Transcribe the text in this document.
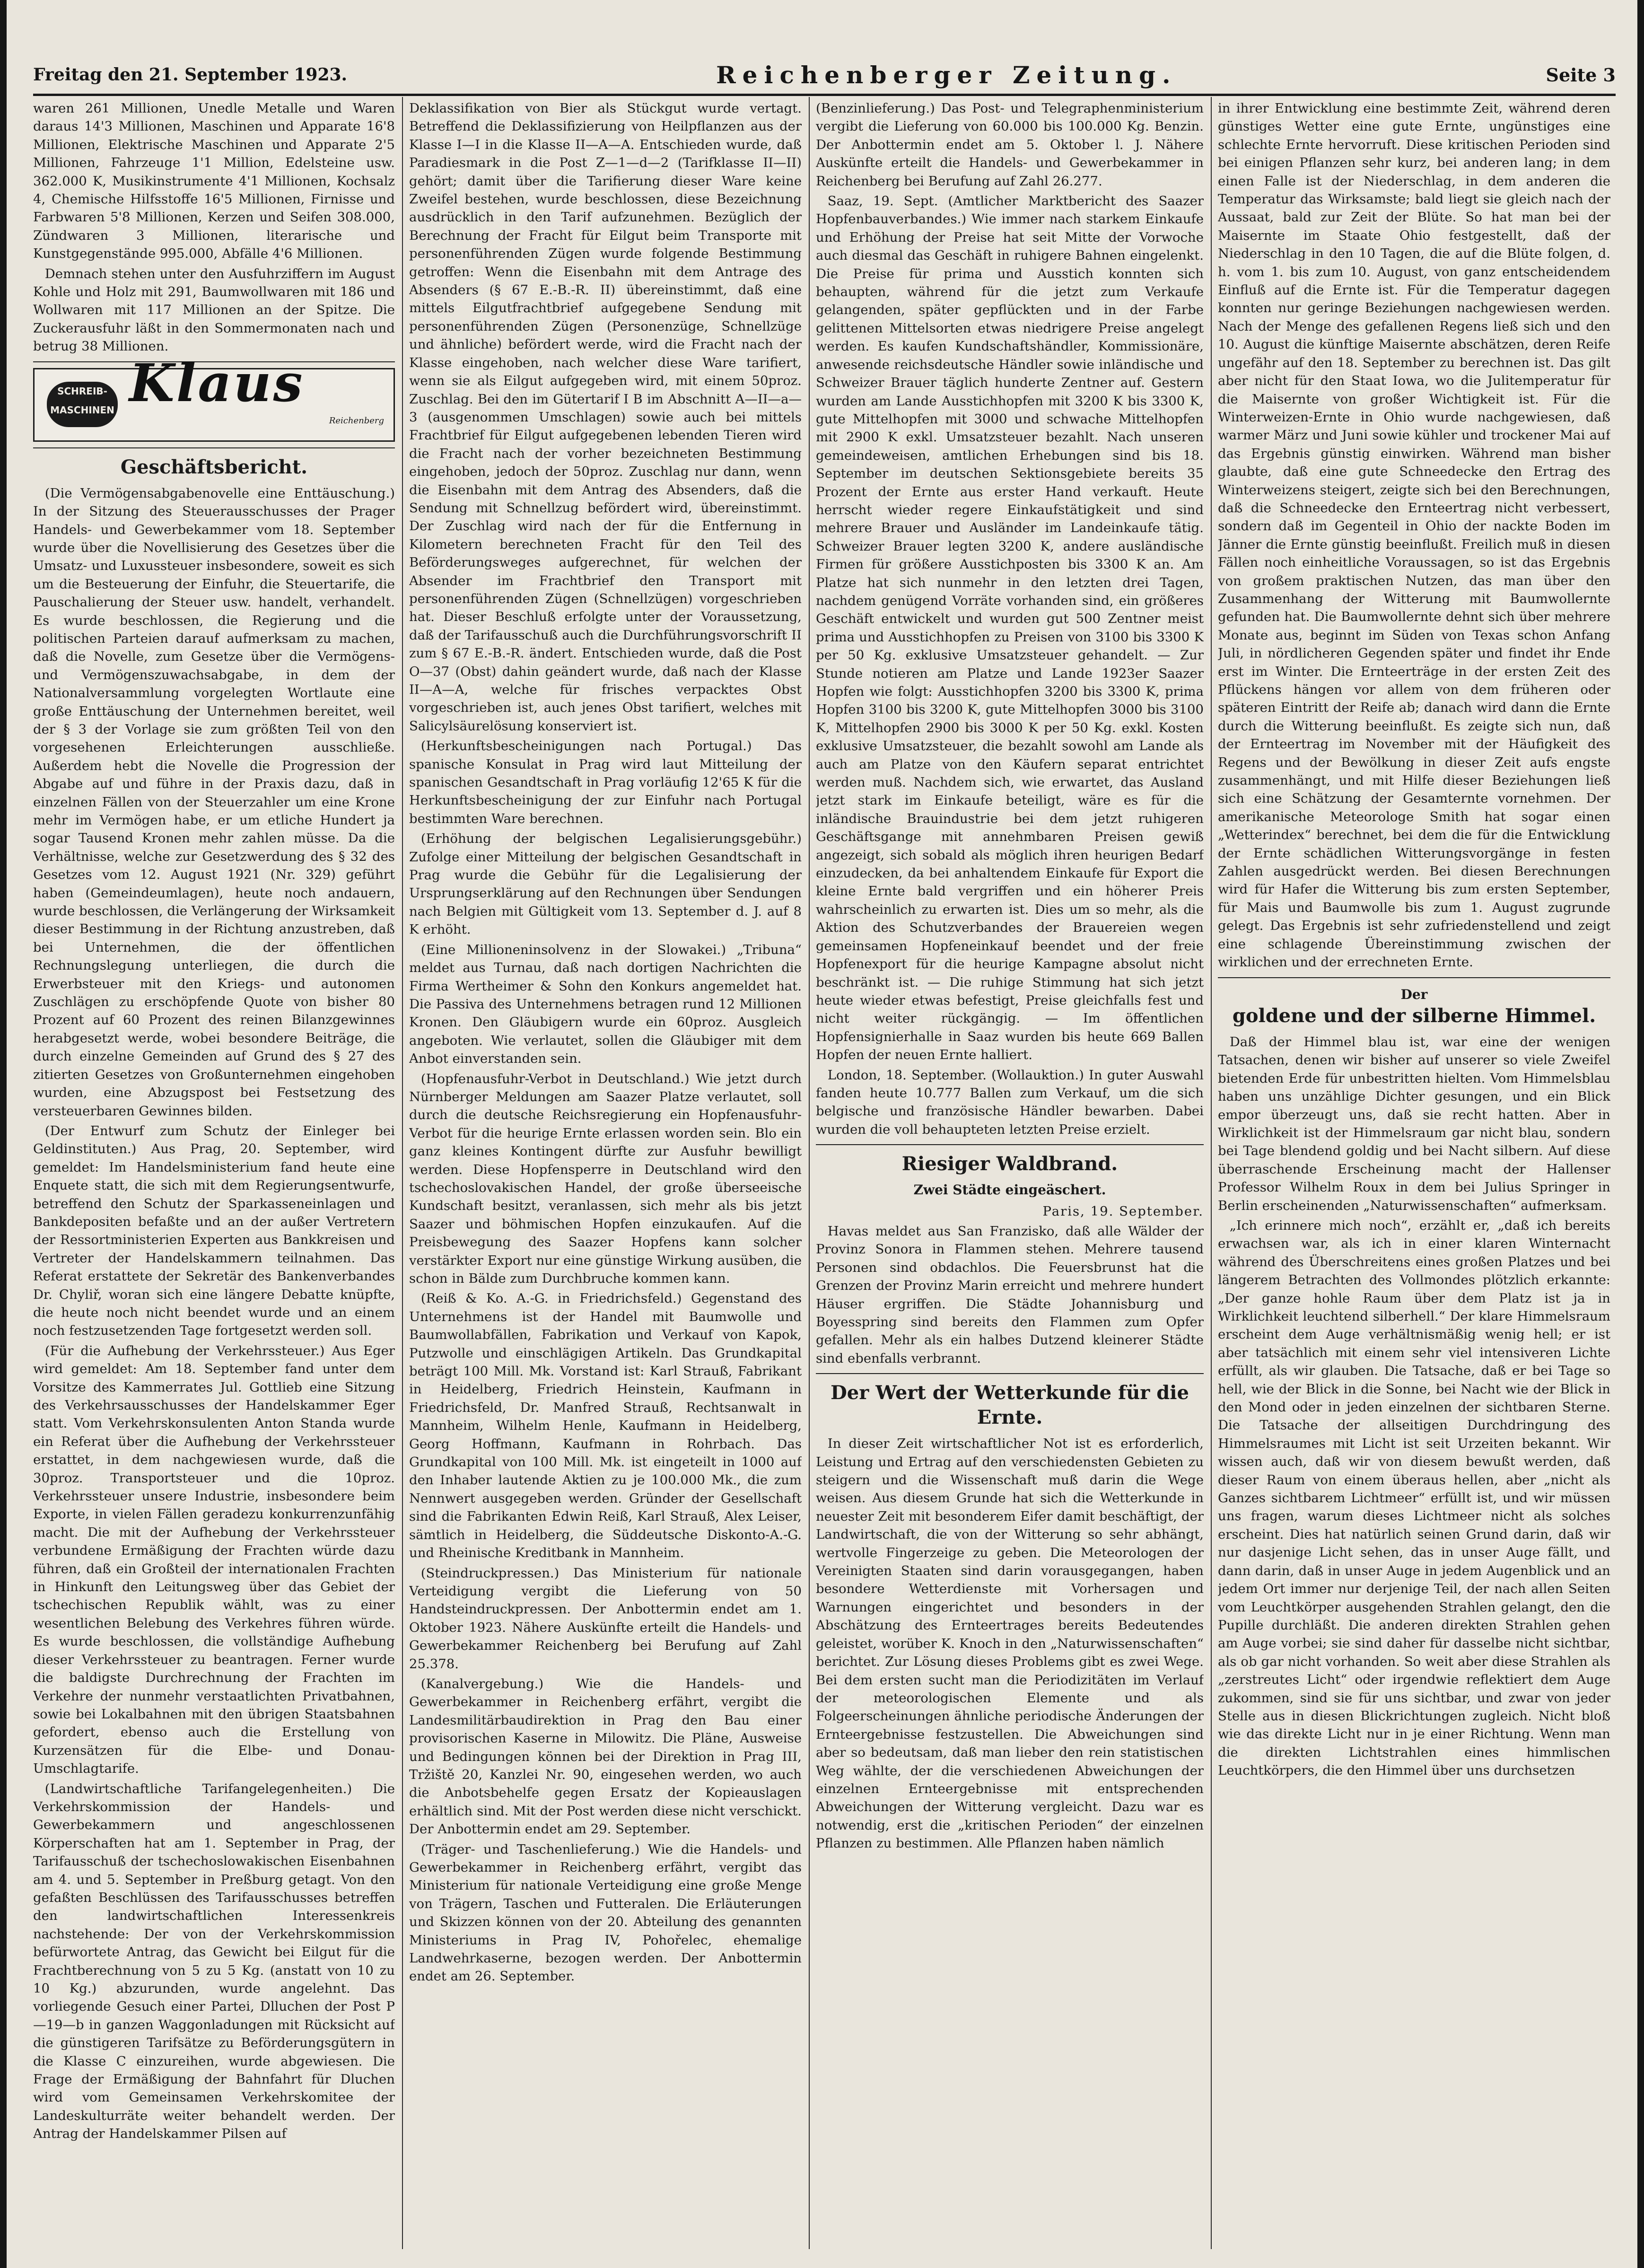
Freitag den 21. September 1923.	Reichenberger Zeitung.	Seite 3

waren 261 Millionen, Unedle Metalle und Waren daraus 14'3 Millionen, Maschinen und Apparate 16'8 Millionen, Elektrische Maschinen und Apparate 2'5 Millionen, Fahrzeuge 1'1 Million, Edelsteine usw. 362.000 K, Musikinstrumente 4'1 Millionen, Kochsalz 4, Chemische Hilfsstoffe 16'5 Millionen, Firnisse und Farbwaren 5'8 Millionen, Kerzen und Seifen 308.000, Zündwaren 3 Millionen, literarische und Kunstgegenstände 995.000, Abfälle 4'6 Millionen.

Demnach stehen unter den Ausfuhrziffern im August Kohle und Holz mit 291, Baumwollwaren mit 186 und Wollwaren mit 117 Millionen an der Spitze. Die Zuckerausfuhr läßt in den Sommermonaten nach und betrug 38 Millionen.

SCHREIB-
MASCHINEN Klaus
Reichenberg
Geschäftsbericht.

(Die Vermögensabgabenovelle eine Enttäuschung.) In der Sitzung des Steuerausschusses der Prager Handels- und Gewerbekammer vom 18. September wurde über die Novellisierung des Gesetzes über die Umsatz- und Luxussteuer insbesondere, soweit es sich um die Besteuerung der Einfuhr, die Steuertarife, die Pauschalierung der Steuer usw. handelt, verhandelt. Es wurde beschlossen, die Regierung und die politischen Parteien darauf aufmerksam zu machen, daß die Novelle, zum Gesetze über die Vermögens- und Vermögenszuwachsabgabe, in dem der Nationalversammlung vorgelegten Wortlaute eine große Enttäuschung der Unternehmen bereitet, weil der § 3 der Vorlage sie zum größten Teil von den vorgesehenen Erleichterungen ausschließe. Außerdem hebt die Novelle die Progression der Abgabe auf und führe in der Praxis dazu, daß in einzelnen Fällen von der Steuerzahler um eine Krone mehr im Vermögen habe, er um etliche Hundert ja sogar Tausend Kronen mehr zahlen müsse. Da die Verhältnisse, welche zur Gesetzwerdung des § 32 des Gesetzes vom 12. August 1921 (Nr. 329) geführt haben (Gemeindeumlagen), heute noch andauern, wurde beschlossen, die Verlängerung der Wirksamkeit dieser Bestimmung in der Richtung anzustreben, daß bei Unternehmen, die der öffentlichen Rechnungslegung unterliegen, die durch die Erwerbsteuer mit den Kriegs- und autonomen Zuschlägen zu erschöpfende Quote von bisher 80 Prozent auf 60 Prozent des reinen Bilanzgewinnes herabgesetzt werde, wobei besondere Beiträge, die durch einzelne Gemeinden auf Grund des § 27 des zitierten Gesetzes von Großunternehmen eingehoben wurden, eine Abzugspost bei Festsetzung des versteuerbaren Gewinnes bilden.

(Der Entwurf zum Schutz der Einleger bei Geldinstituten.) Aus Prag, 20. September, wird gemeldet: Im Handelsministerium fand heute eine Enquete statt, die sich mit dem Regierungsentwurfe, betreffend den Schutz der Sparkasseneinlagen und Bankdepositen befaßte und an der außer Vertretern der Ressortministerien Experten aus Bankkreisen und Vertreter der Handelskammern teilnahmen. Das Referat erstattete der Sekretär des Bankenverbandes Dr. Chyliř, woran sich eine längere Debatte knüpfte, die heute noch nicht beendet wurde und an einem noch festzusetzenden Tage fortgesetzt werden soll.

(Für die Aufhebung der Verkehrssteuer.) Aus Eger wird gemeldet: Am 18. September fand unter dem Vorsitze des Kammerrates Jul. Gottlieb eine Sitzung des Verkehrsausschusses der Handelskammer Eger statt. Vom Verkehrskonsulenten Anton Standa wurde ein Referat über die Aufhebung der Verkehrssteuer erstattet, in dem nachgewiesen wurde, daß die 30proz. Transportsteuer und die 10proz. Verkehrssteuer unsere Industrie, insbesondere beim Exporte, in vielen Fällen geradezu konkurrenzunfähig macht. Die mit der Aufhebung der Verkehrssteuer verbundene Ermäßigung der Frachten würde dazu führen, daß ein Großteil der internationalen Frachten in Hinkunft den Leitungsweg über das Gebiet der tschechischen Republik wählt, was zu einer wesentlichen Belebung des Verkehres führen würde. Es wurde beschlossen, die vollständige Aufhebung dieser Verkehrssteuer zu beantragen. Ferner wurde die baldigste Durchrechnung der Frachten im Verkehre der nunmehr verstaatlichten Privatbahnen, sowie bei Lokalbahnen mit den übrigen Staatsbahnen gefordert, ebenso auch die Erstellung von Kurzensätzen für die Elbe- und Donau-Umschlagtarife.

(Landwirtschaftliche Tarifangelegenheiten.) Die Verkehrskommission der Handels- und Gewerbekammern und angeschlossenen Körperschaften hat am 1. September in Prag, der Tarifausschuß der tschechoslowakischen Eisenbahnen am 4. und 5. September in Preßburg getagt. Von den gefaßten Beschlüssen des Tarifausschusses betreffen den landwirtschaftlichen Interessenkreis nachstehende: Der von der Verkehrskommission befürwortete Antrag, das Gewicht bei Eilgut für die Frachtberechnung von 5 zu 5 Kg. (anstatt von 10 zu 10 Kg.) abzurunden, wurde angelehnt. Das vorliegende Gesuch einer Partei, Dlluchen der Post P—19—b in ganzen Waggonladungen mit Rücksicht auf die günstigeren Tarifsätze zu Beförderungsgütern in die Klasse C einzureihen, wurde abgewiesen. Die Frage der Ermäßigung der Bahnfahrt für Dluchen wird vom Gemeinsamen Verkehrskomitee der Landeskulturräte weiter behandelt werden. Der Antrag der Handelskammer Pilsen auf

Deklassifikation von Bier als Stückgut wurde vertagt. Betreffend die Deklassifizierung von Heilpflanzen aus der Klasse I—I in die Klasse II—A—A. Entschieden wurde, daß Paradiesmark in die Post Z—1—d—2 (Tarifklasse II—II) gehört; damit über die Tarifierung dieser Ware keine Zweifel bestehen, wurde beschlossen, diese Bezeichnung ausdrücklich in den Tarif aufzunehmen. Bezüglich der Berechnung der Fracht für Eilgut beim Transporte mit personenführenden Zügen wurde folgende Bestimmung getroffen: Wenn die Eisenbahn mit dem Antrage des Absenders (§ 67 E.-B.-R. II) übereinstimmt, daß eine mittels Eilgutfrachtbrief aufgegebene Sendung mit personenführenden Zügen (Personenzüge, Schnellzüge und ähnliche) befördert werde, wird die Fracht nach der Klasse eingehoben, nach welcher diese Ware tarifiert, wenn sie als Eilgut aufgegeben wird, mit einem 50proz. Zuschlag. Bei den im Gütertarif I B im Abschnitt A—II—a—3 (ausgenommen Umschlagen) sowie auch bei mittels Frachtbrief für Eilgut aufgegebenen lebenden Tieren wird die Fracht nach der vorher bezeichneten Bestimmung eingehoben, jedoch der 50proz. Zuschlag nur dann, wenn die Eisenbahn mit dem Antrag des Absenders, daß die Sendung mit Schnellzug befördert wird, übereinstimmt. Der Zuschlag wird nach der für die Entfernung in Kilometern berechneten Fracht für den Teil des Beförderungsweges aufgerechnet, für welchen der Absender im Frachtbrief den Transport mit personenführenden Zügen (Schnellzügen) vorgeschrieben hat. Dieser Beschluß erfolgte unter der Voraussetzung, daß der Tarifausschuß auch die Durchführungsvorschrift II zum § 67 E.-B.-R. ändert. Entschieden wurde, daß die Post O—37 (Obst) dahin geändert wurde, daß nach der Klasse II—A—A, welche für frisches verpacktes Obst vorgeschrieben ist, auch jenes Obst tarifiert, welches mit Salicylsäurelösung konserviert ist.

(Herkunftsbescheinigungen nach Portugal.) Das spanische Konsulat in Prag wird laut Mitteilung der spanischen Gesandtschaft in Prag vorläufig 12'65 K für die Herkunftsbescheinigung der zur Einfuhr nach Portugal bestimmten Ware berechnen.

(Erhöhung der belgischen Legalisierungsgebühr.) Zufolge einer Mitteilung der belgischen Gesandtschaft in Prag wurde die Gebühr für die Legalisierung der Ursprungserklärung auf den Rechnungen über Sendungen nach Belgien mit Gültigkeit vom 13. September d. J. auf 8 K erhöht.

(Eine Millioneninsolvenz in der Slowakei.) „Tribuna“ meldet aus Turnau, daß nach dortigen Nachrichten die Firma Wertheimer & Sohn den Konkurs angemeldet hat. Die Passiva des Unternehmens betragen rund 12 Millionen Kronen. Den Gläubigern wurde ein 60proz. Ausgleich angeboten. Wie verlautet, sollen die Gläubiger mit dem Anbot einverstanden sein.

(Hopfenausfuhr-Verbot in Deutschland.) Wie jetzt durch Nürnberger Meldungen am Saazer Platze verlautet, soll durch die deutsche Reichsregierung ein Hopfenausfuhr-Verbot für die heurige Ernte erlassen worden sein. Blo ein ganz kleines Kontingent dürfte zur Ausfuhr bewilligt werden. Diese Hopfensperre in Deutschland wird den tschechoslovakischen Handel, der große überseeische Kundschaft besitzt, veranlassen, sich mehr als bis jetzt Saazer und böhmischen Hopfen einzukaufen. Auf die Preisbewegung des Saazer Hopfens kann solcher verstärkter Export nur eine günstige Wirkung ausüben, die schon in Bälde zum Durchbruche kommen kann.

(Reiß & Ko. A.-G. in Friedrichsfeld.) Gegenstand des Unternehmens ist der Handel mit Baumwolle und Baumwollabfällen, Fabrikation und Verkauf von Kapok, Putzwolle und einschlägigen Artikeln. Das Grundkapital beträgt 100 Mill. Mk. Vorstand ist: Karl Strauß, Fabrikant in Heidelberg, Friedrich Heinstein, Kaufmann in Friedrichsfeld, Dr. Manfred Strauß, Rechtsanwalt in Mannheim, Wilhelm Henle, Kaufmann in Heidelberg, Georg Hoffmann, Kaufmann in Rohrbach. Das Grundkapital von 100 Mill. Mk. ist eingeteilt in 1000 auf den Inhaber lautende Aktien zu je 100.000 Mk., die zum Nennwert ausgegeben werden. Gründer der Gesellschaft sind die Fabrikanten Edwin Reiß, Karl Strauß, Alex Leiser, sämtlich in Heidelberg, die Süddeutsche Diskonto-A.-G. und Rheinische Kreditbank in Mannheim.

(Steindruckpressen.) Das Ministerium für nationale Verteidigung vergibt die Lieferung von 50 Handsteindruckpressen. Der Anbottermin endet am 1. Oktober 1923. Nähere Auskünfte erteilt die Handels- und Gewerbekammer Reichenberg bei Berufung auf Zahl 25.378.

(Kanalvergebung.) Wie die Handels- und Gewerbekammer in Reichenberg erfährt, vergibt die Landesmilitärbaudirektion in Prag den Bau einer provisorischen Kaserne in Milowitz. Die Pläne, Ausweise und Bedingungen können bei der Direktion in Prag III, Tržiště 20, Kanzlei Nr. 90, eingesehen werden, wo auch die Anbotsbehelfe gegen Ersatz der Kopieauslagen erhältlich sind. Mit der Post werden diese nicht verschickt. Der Anbottermin endet am 29. September.

(Träger- und Taschenlieferung.) Wie die Handels- und Gewerbekammer in Reichenberg erfährt, vergibt das Ministerium für nationale Verteidigung eine große Menge von Trägern, Taschen und Futteralen. Die Erläuterungen und Skizzen können von der 20. Abteilung des genannten Ministeriums in Prag IV, Pohořelec, ehemalige Landwehrkaserne, bezogen werden. Der Anbottermin endet am 26. September.

(Benzinlieferung.) Das Post- und Telegraphenministerium vergibt die Lieferung von 60.000 bis 100.000 Kg. Benzin. Der Anbottermin endet am 5. Oktober l. J. Nähere Auskünfte erteilt die Handels- und Gewerbekammer in Reichenberg bei Berufung auf Zahl 26.277.

Saaz, 19. Sept. (Amtlicher Marktbericht des Saazer Hopfenbauverbandes.) Wie immer nach starkem Einkaufe und Erhöhung der Preise hat seit Mitte der Vorwoche auch diesmal das Geschäft in ruhigere Bahnen eingelenkt. Die Preise für prima und Ausstich konnten sich behaupten, während für die jetzt zum Verkaufe gelangenden, später gepflückten und in der Farbe gelittenen Mittelsorten etwas niedrigere Preise angelegt werden. Es kaufen Kundschaftshändler, Kommissionäre, anwesende reichsdeutsche Händler sowie inländische und Schweizer Brauer täglich hunderte Zentner auf. Gestern wurden am Lande Ausstichhopfen mit 3200 K bis 3300 K, gute Mittelhopfen mit 3000 und schwache Mittelhopfen mit 2900 K exkl. Umsatzsteuer bezahlt. Nach unseren gemeindeweisen, amtlichen Erhebungen sind bis 18. September im deutschen Sektionsgebiete bereits 35 Prozent der Ernte aus erster Hand verkauft. Heute herrscht wieder regere Einkaufstätigkeit und sind mehrere Brauer und Ausländer im Landeinkaufe tätig. Schweizer Brauer legten 3200 K, andere ausländische Firmen für größere Ausstichposten bis 3300 K an. Am Platze hat sich nunmehr in den letzten drei Tagen, nachdem genügend Vorräte vorhanden sind, ein größeres Geschäft entwickelt und wurden gut 500 Zentner meist prima und Ausstichhopfen zu Preisen von 3100 bis 3300 K per 50 Kg. exklusive Umsatzsteuer gehandelt. — Zur Stunde notieren am Platze und Lande 1923er Saazer Hopfen wie folgt: Ausstichhopfen 3200 bis 3300 K, prima Hopfen 3100 bis 3200 K, gute Mittelhopfen 3000 bis 3100 K, Mittelhopfen 2900 bis 3000 K per 50 Kg. exkl. Kosten exklusive Umsatzsteuer, die bezahlt sowohl am Lande als auch am Platze von den Käufern separat entrichtet werden muß. Nachdem sich, wie erwartet, das Ausland jetzt stark im Einkaufe beteiligt, wäre es für die inländische Brauindustrie bei dem jetzt ruhigeren Geschäftsgange mit annehmbaren Preisen gewiß angezeigt, sich sobald als möglich ihren heurigen Bedarf einzudecken, da bei anhaltendem Einkaufe für Export die kleine Ernte bald vergriffen und ein höherer Preis wahrscheinlich zu erwarten ist. Dies um so mehr, als die Aktion des Schutzverbandes der Brauereien wegen gemeinsamen Hopfeneinkauf beendet und der freie Hopfenexport für die heurige Kampagne absolut nicht beschränkt ist. — Die ruhige Stimmung hat sich jetzt heute wieder etwas befestigt, Preise gleichfalls fest und nicht weiter rückgängig. — Im öffentlichen Hopfensignierhalle in Saaz wurden bis heute 669 Ballen Hopfen der neuen Ernte halliert.

London, 18. September. (Wollauktion.) In guter Auswahl fanden heute 10.777 Ballen zum Verkauf, um die sich belgische und französische Händler bewarben. Dabei wurden die voll behaupteten letzten Preise erzielt.

Riesiger Waldbrand.
Zwei Städte eingeäschert.
Paris, 19. September.

Havas meldet aus San Franzisko, daß alle Wälder der Provinz Sonora in Flammen stehen. Mehrere tausend Personen sind obdachlos. Die Feuersbrunst hat die Grenzen der Provinz Marin erreicht und mehrere hundert Häuser ergriffen. Die Städte Johannisburg und Boyesspring sind bereits den Flammen zum Opfer gefallen. Mehr als ein halbes Dutzend kleinerer Städte sind ebenfalls verbrannt.

Der Wert der Wetterkunde für die Ernte.

In dieser Zeit wirtschaftlicher Not ist es erforderlich, Leistung und Ertrag auf den verschiedensten Gebieten zu steigern und die Wissenschaft muß darin die Wege weisen. Aus diesem Grunde hat sich die Wetterkunde in neuester Zeit mit besonderem Eifer damit beschäftigt, der Landwirtschaft, die von der Witterung so sehr abhängt, wertvolle Fingerzeige zu geben. Die Meteorologen der Vereinigten Staaten sind darin vorausgegangen, haben besondere Wetterdienste mit Vorhersagen und Warnungen eingerichtet und besonders in der Abschätzung des Ernteertrages bereits Bedeutendes geleistet, worüber K. Knoch in den „Naturwissenschaften“ berichtet. Zur Lösung dieses Problems gibt es zwei Wege. Bei dem ersten sucht man die Periodizitäten im Verlauf der meteorologischen Elemente und als Folgeerscheinungen ähnliche periodische Änderungen der Ernteergebnisse festzustellen. Die Abweichungen sind aber so bedeutsam, daß man lieber den rein statistischen Weg wählte, der die verschiedenen Abweichungen der einzelnen Ernteergebnisse mit entsprechenden Abweichungen der Witterung vergleicht. Dazu war es notwendig, erst die „kritischen Perioden“ der einzelnen Pflanzen zu bestimmen. Alle Pflanzen haben nämlich

in ihrer Entwicklung eine bestimmte Zeit, während deren günstiges Wetter eine gute Ernte, ungünstiges eine schlechte Ernte hervorruft. Diese kritischen Perioden sind bei einigen Pflanzen sehr kurz, bei anderen lang; in dem einen Falle ist der Niederschlag, in dem anderen die Temperatur das Wirksamste; bald liegt sie gleich nach der Aussaat, bald zur Zeit der Blüte. So hat man bei der Maisernte im Staate Ohio festgestellt, daß der Niederschlag in den 10 Tagen, die auf die Blüte folgen, d. h. vom 1. bis zum 10. August, von ganz entscheidendem Einfluß auf die Ernte ist. Für die Temperatur dagegen konnten nur geringe Beziehungen nachgewiesen werden. Nach der Menge des gefallenen Regens ließ sich und den 10. August die künftige Maisernte abschätzen, deren Reife ungefähr auf den 18. September zu berechnen ist. Das gilt aber nicht für den Staat Iowa, wo die Julitemperatur für die Maisernte von großer Wichtigkeit ist. Für die Winterweizen-Ernte in Ohio wurde nachgewiesen, daß warmer März und Juni sowie kühler und trockener Mai auf das Ergebnis günstig einwirken. Während man bisher glaubte, daß eine gute Schneedecke den Ertrag des Winterweizens steigert, zeigte sich bei den Berechnungen, daß die Schneedecke den Ernteertrag nicht verbessert, sondern daß im Gegenteil in Ohio der nackte Boden im Jänner die Ernte günstig beeinflußt. Freilich muß in diesen Fällen noch einheitliche Voraussagen, so ist das Ergebnis von großem praktischen Nutzen, das man über den Zusammenhang der Witterung mit Baumwollernte gefunden hat. Die Baumwollernte dehnt sich über mehrere Monate aus, beginnt im Süden von Texas schon Anfang Juli, in nördlicheren Gegenden später und findet ihr Ende erst im Winter. Die Ernteerträge in der ersten Zeit des Pflückens hängen vor allem von dem früheren oder späteren Eintritt der Reife ab; danach wird dann die Ernte durch die Witterung beeinflußt. Es zeigte sich nun, daß der Ernteertrag im November mit der Häufigkeit des Regens und der Bewölkung in dieser Zeit aufs engste zusammenhängt, und mit Hilfe dieser Beziehungen ließ sich eine Schätzung der Gesamternte vornehmen. Der amerikanische Meteorologe Smith hat sogar einen „Wetterindex“ berechnet, bei dem die für die Entwicklung der Ernte schädlichen Witterungsvorgänge in festen Zahlen ausgedrückt werden. Bei diesen Berechnungen wird für Hafer die Witterung bis zum ersten September, für Mais und Baumwolle bis zum 1. August zugrunde gelegt. Das Ergebnis ist sehr zufriedenstellend und zeigt eine schlagende Übereinstimmung zwischen der wirklichen und der errechneten Ernte.

Der
goldene und der silberne Himmel.

Daß der Himmel blau ist, war eine der wenigen Tatsachen, denen wir bisher auf unserer so viele Zweifel bietenden Erde für unbestritten hielten. Vom Himmelsblau haben uns unzählige Dichter gesungen, und ein Blick empor überzeugt uns, daß sie recht hatten. Aber in Wirklichkeit ist der Himmelsraum gar nicht blau, sondern bei Tage blendend goldig und bei Nacht silbern. Auf diese überraschende Erscheinung macht der Hallenser Professor Wilhelm Roux in dem bei Julius Springer in Berlin erscheinenden „Naturwissenschaften“ aufmerksam.

„Ich erinnere mich noch“, erzählt er, „daß ich bereits erwachsen war, als ich in einer klaren Winternacht während des Überschreitens eines großen Platzes und bei längerem Betrachten des Vollmondes plötzlich erkannte: „Der ganze hohle Raum über dem Platz ist ja in Wirklichkeit leuchtend silberhell.“ Der klare Himmelsraum erscheint dem Auge verhältnismäßig wenig hell; er ist aber tatsächlich mit einem sehr viel intensiveren Lichte erfüllt, als wir glauben. Die Tatsache, daß er bei Tage so hell, wie der Blick in die Sonne, bei Nacht wie der Blick in den Mond oder in jeden einzelnen der sichtbaren Sterne. Die Tatsache der allseitigen Durchdringung des Himmelsraumes mit Licht ist seit Urzeiten bekannt. Wir wissen auch, daß wir von diesem bewußt werden, daß dieser Raum von einem überaus hellen, aber „nicht als Ganzes sichtbarem Lichtmeer“ erfüllt ist, und wir müssen uns fragen, warum dieses Lichtmeer nicht als solches erscheint. Dies hat natürlich seinen Grund darin, daß wir nur dasjenige Licht sehen, das in unser Auge fällt, und dann darin, daß in unser Auge in jedem Augenblick und an jedem Ort immer nur derjenige Teil, der nach allen Seiten vom Leuchtkörper ausgehenden Strahlen gelangt, den die Pupille durchläßt. Die anderen direkten Strahlen gehen am Auge vorbei; sie sind daher für dasselbe nicht sichtbar, als ob gar nicht vorhanden. So weit aber diese Strahlen als „zerstreutes Licht“ oder irgendwie reflektiert dem Auge zukommen, sind sie für uns sichtbar, und zwar von jeder Stelle aus in diesen Blickrichtungen zugleich. Nicht bloß wie das direkte Licht nur in je einer Richtung. Wenn man die direkten Lichtstrahlen eines himmlischen Leuchtkörpers, die den Himmel über uns durchsetzen
